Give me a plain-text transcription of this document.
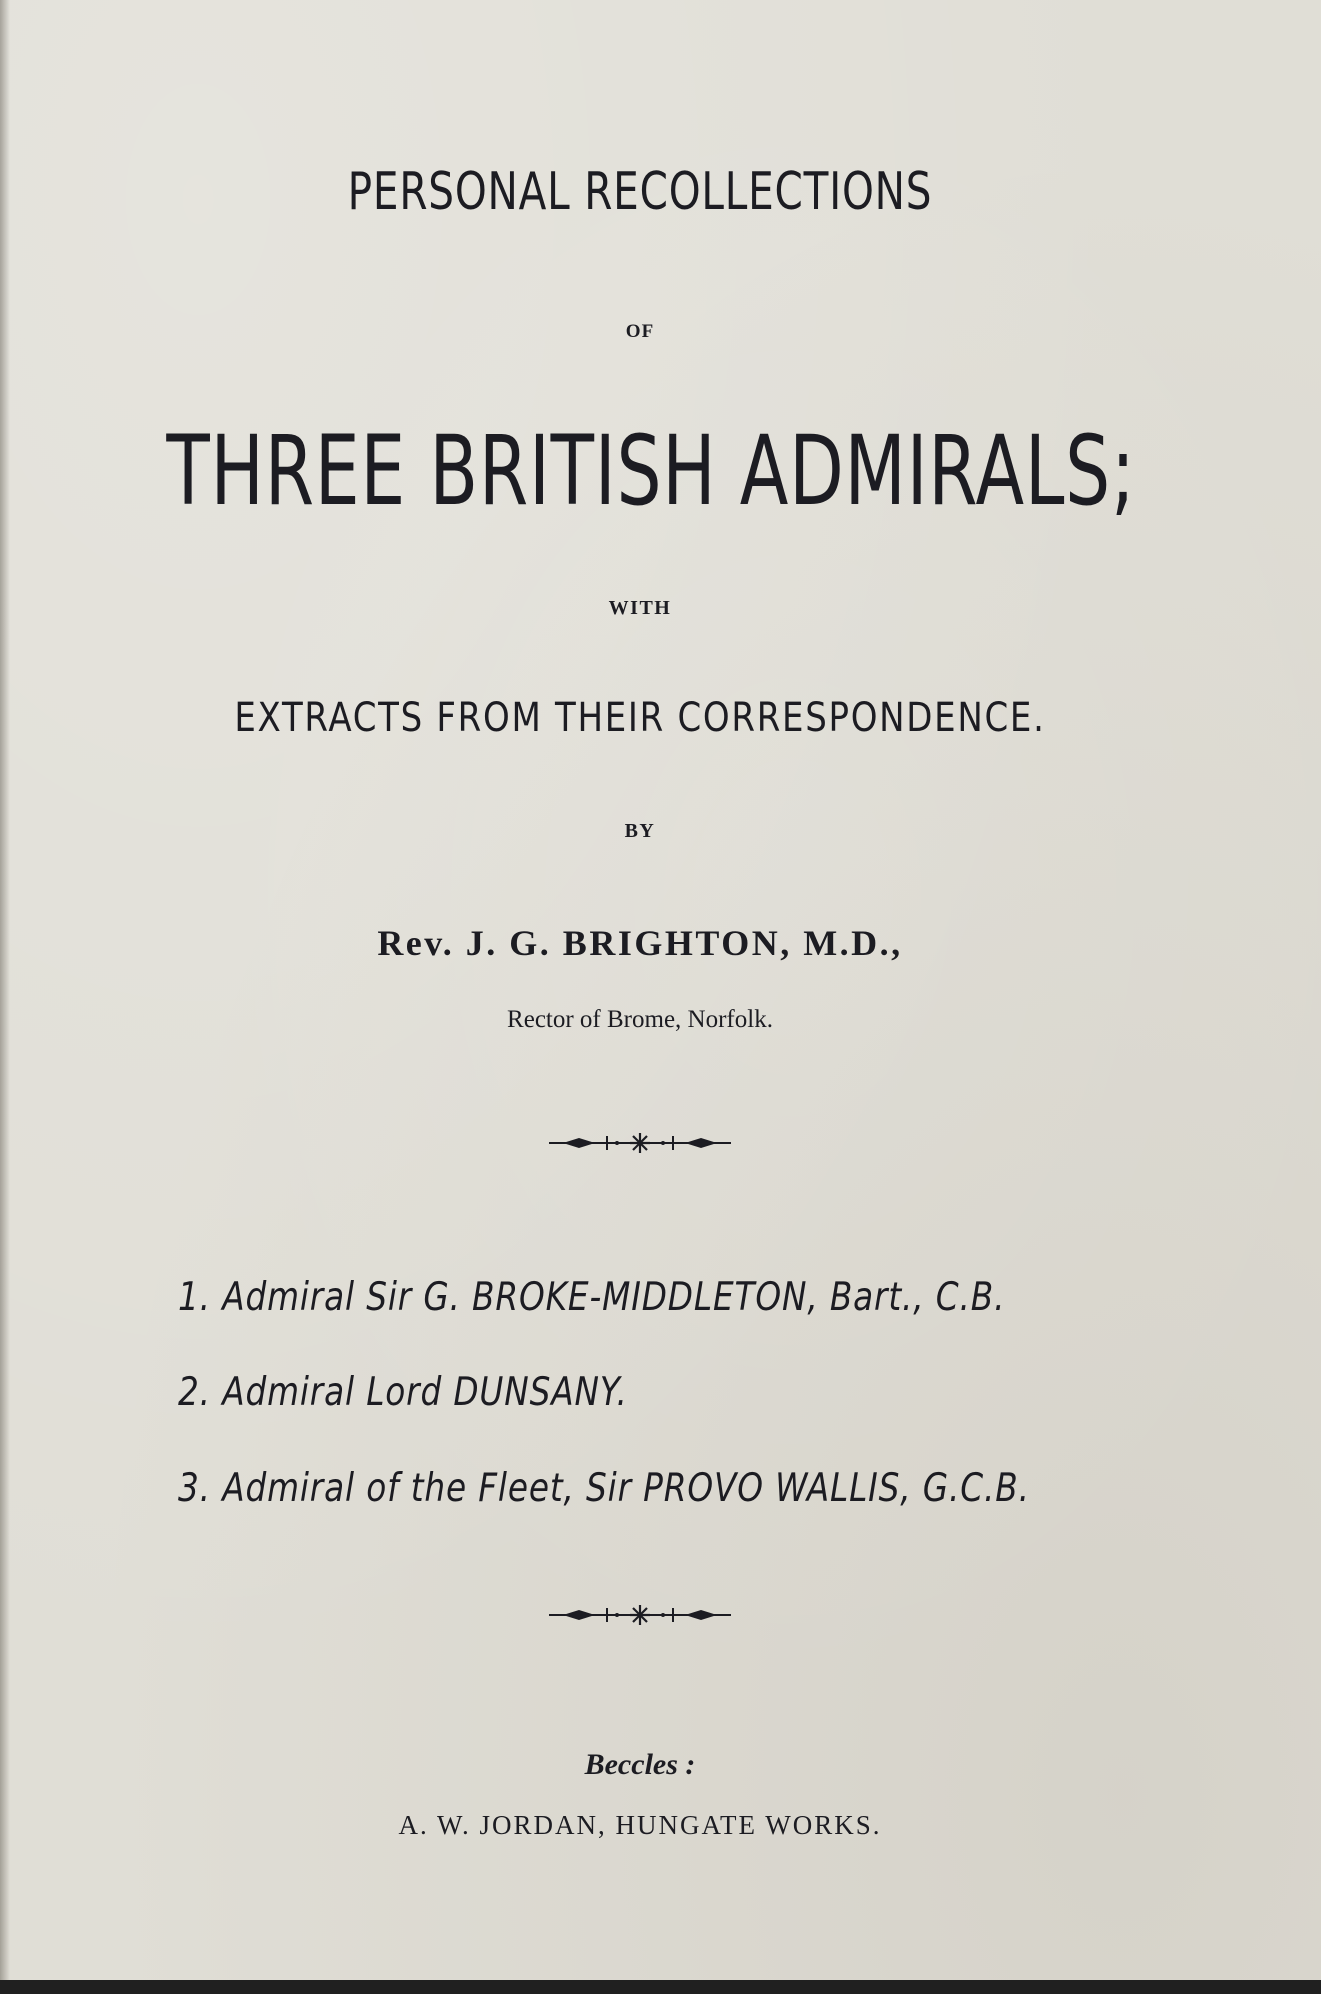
PERSONAL RECOLLECTIONS
OF
THREE BRITISH ADMIRALS;
WITH
EXTRACTS FROM THEIR CORRESPONDENCE.
BY
Rev. J. G. BRIGHTON, M.D.,
Rector of Brome, Norfolk.
1. Admiral Sir G. BROKE-MIDDLETON, Bart., C.B.
2. Admiral Lord DUNSANY.
3. Admiral of the Fleet, Sir PROVO WALLIS, G.C.B.
Beccles :
A. W. JORDAN, HUNGATE WORKS.
